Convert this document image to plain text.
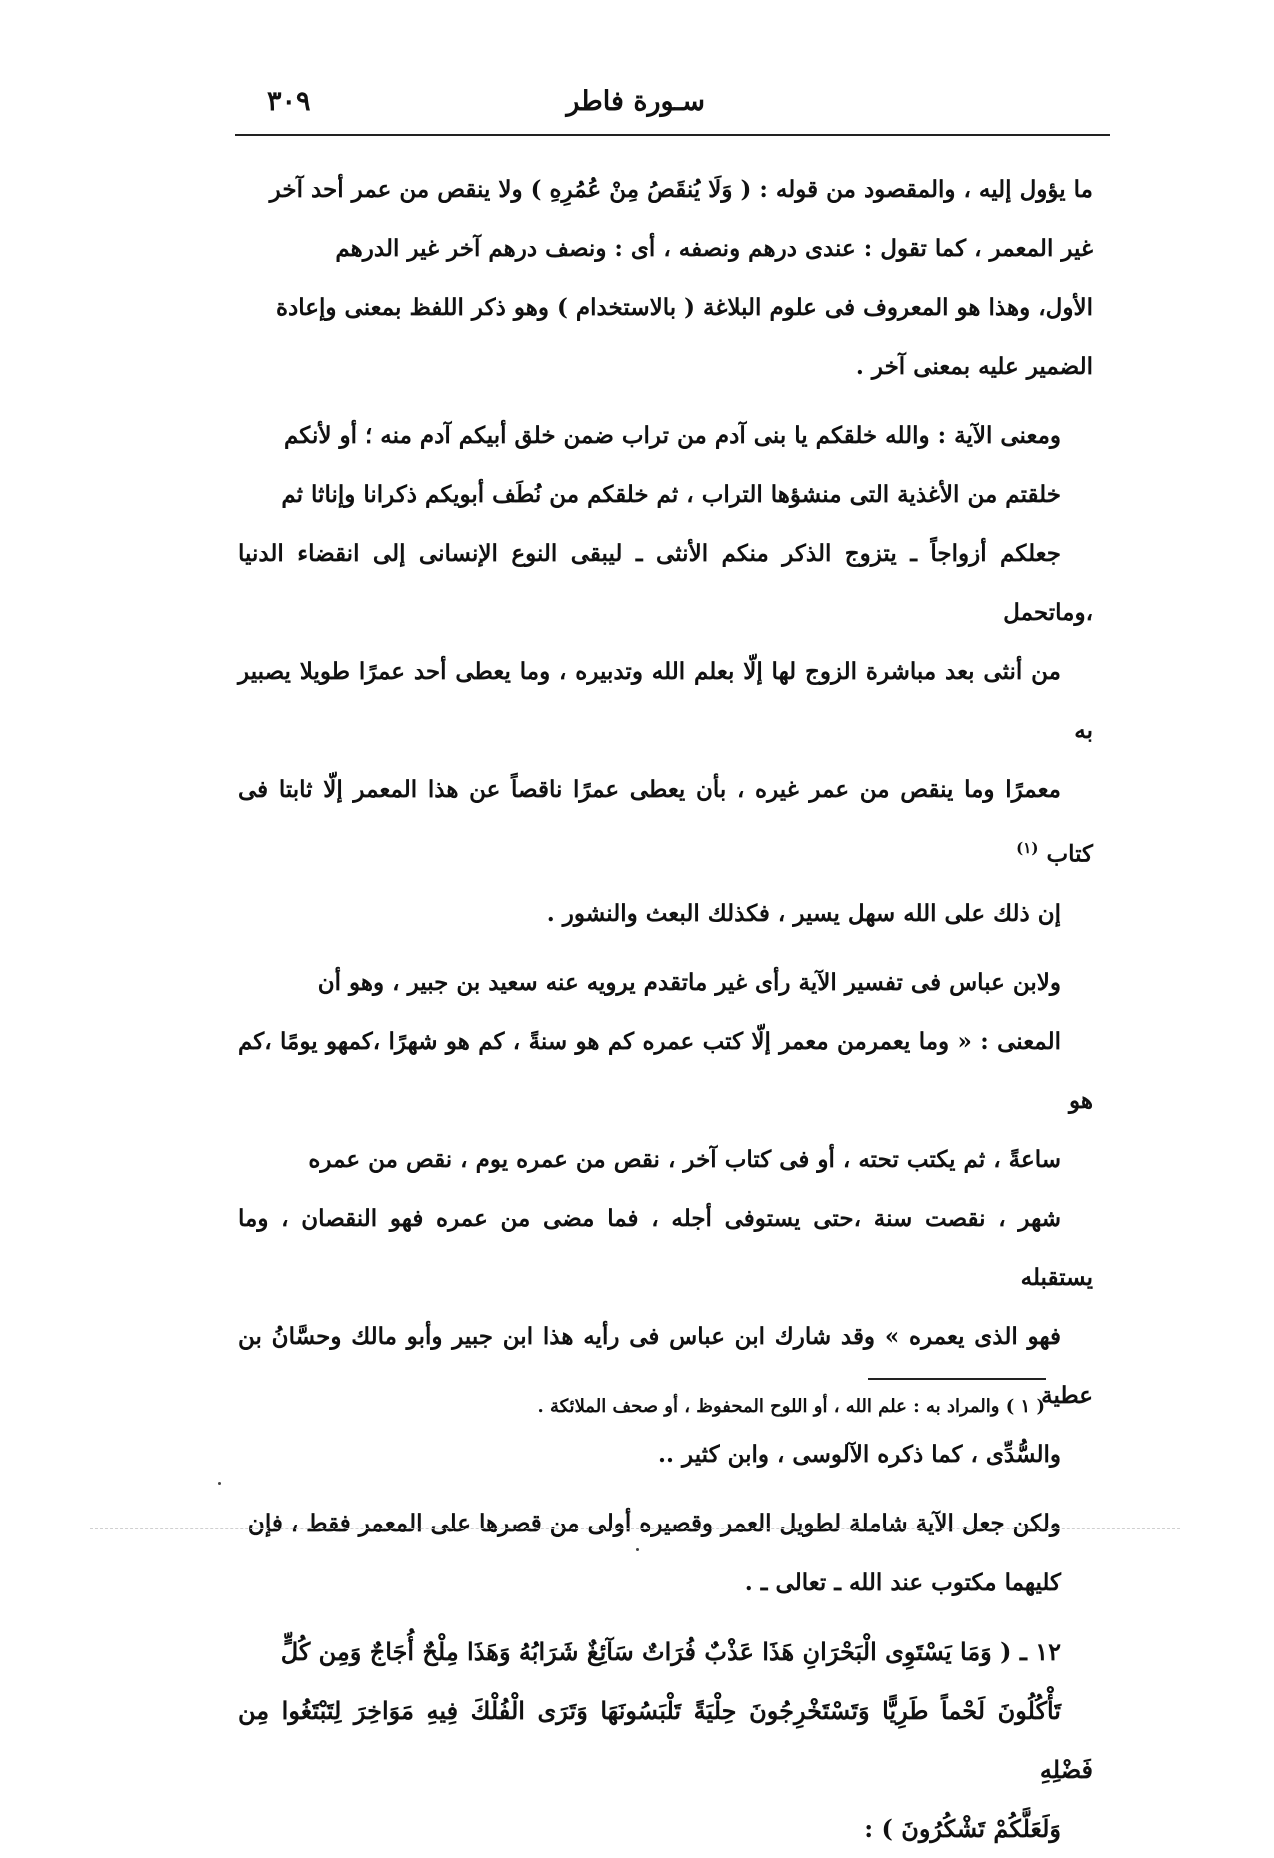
سـورة فاطر
٣٠٩

ما يؤول إليه ، والمقصود من قوله : ( وَلَا يُنقَصُ مِنْ عُمُرِهِ ) ولا ينقص من عمر أحد آخر
غير المعمر ، كما تقول : عندى درهم ونصفه ، أى : ونصف درهم آخر غير الدرهم
الأول، وهذا هو المعروف فى علوم البلاغة ( بالاستخدام ) وهو ذكر اللفظ بمعنى وإعادة
الضمير عليه بمعنى آخر .

ومعنى الآية : والله خلقكم يا بنى آدم من تراب ضمن خلق أبيكم آدم منه ؛ أو لأنكم
خلقتم من الأغذية التى منشؤها التراب ، ثم خلقكم من نُطَف أبويكم ذكرانا وإناثا ثم
جعلكم أزواجاً ـ يتزوج الذكر منكم الأنثى ـ ليبقى النوع الإنسانى إلى انقضاء الدنيا ،وماتحمل
من أنثى بعد مباشرة الزوج لها إلّا بعلم الله وتدبيره ، وما يعطى أحد عمرًا طويلا يصبير به
معمرًا وما ينقص من عمر غيره ، بأن يعطى عمرًا ناقصاً عن هذا المعمر إلّا ثابتا فى كتاب $^{(١)}$
إن ذلك على الله سهل يسير ، فكذلك البعث والنشور .

ولابن عباس فى تفسير الآية رأى غير ماتقدم يرويه عنه سعيد بن جبير ، وهو أن
المعنى : « وما يعمرمن معمر إلّا كتب عمره كم هو سنةً ، كم هو شهرًا ،كمهو يومًا ،كم هو
ساعةً ، ثم يكتب تحته ، أو فى كتاب آخر ، نقص من عمره يوم ، نقص من عمره
شهر ، نقصت سنة ،حتى يستوفى أجله ، فما مضى من عمره فهو النقصان ، وما يستقبله
فهو الذى يعمره » وقد شارك ابن عباس فى رأيه هذا ابن جبير وأبو مالك وحسَّانُ بن عطية
والسُّدِّى ، كما ذكره الآلوسى ، وابن كثير ..

ولكن جعل الآية شاملة لطويل العمر وقصيره أولى من قصرها على المعمر فقط ، فإن
كليهما مكتوب عند الله ـ تعالى ـ .

١٢ ـ ( وَمَا يَسْتَوِى الْبَحْرَانِ هَذَا عَذْبٌ فُرَاتٌ سَآئِغٌ شَرَابُهُ وَهَذَا مِلْحٌ أُجَاجٌ وَمِن كُلٍّ
تَأْكُلُونَ لَحْماً طَرِيًّا وَتَسْتَخْرِجُونَ حِلْيَةً تَلْبَسُونَهَا وَتَرَى الْفُلْكَ فِيهِ مَوَاخِرَ لِتَبْتَغُوا مِن فَضْلِهِ
وَلَعَلَّكُمْ تَشْكُرُونَ ) :

( ١ ) والمراد به : علم الله ، أو اللوح المحفوظ ، أو صحف الملائكة .
